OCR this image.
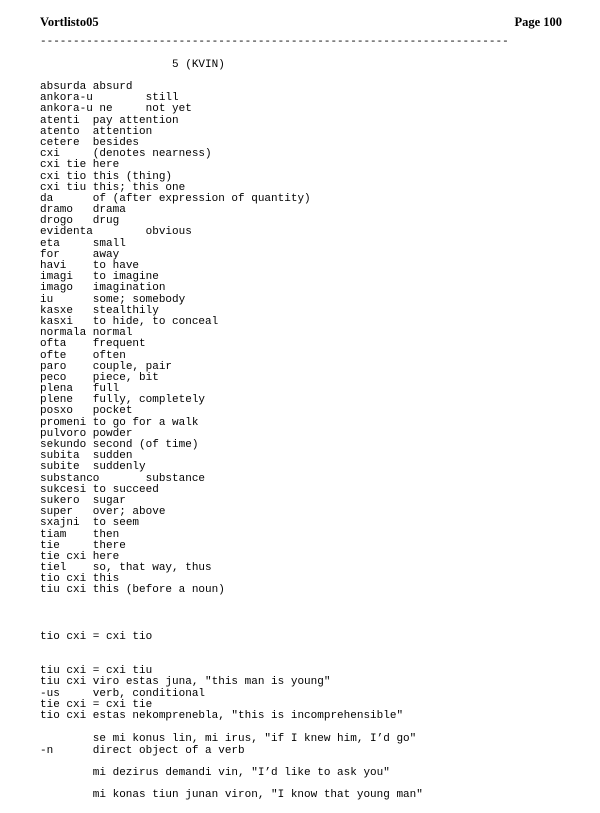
Vortlisto05	Page 100
-----------------------------------------------------------------------
5 (KVIN)
absurda absurd
ankora-u        still
ankora-u ne     not yet
atenti  pay attention
atento  attention
cetere  besides
cxi     (denotes nearness)
cxi tie here
cxi tio this (thing)
cxi tiu this; this one
da      of (after expression of quantity)
dramo   drama
drogo   drug
evidenta        obvious
eta     small
for     away
havi    to have
imagi   to imagine
imago   imagination
iu      some; somebody
kasxe   stealthily
kasxi   to hide, to conceal
normala normal
ofta    frequent
ofte    often
paro    couple, pair
peco    piece, bit
plena   full
plene   fully, completely
posxo   pocket
promeni to go for a walk
pulvoro powder
sekundo second (of time)
subita  sudden
subite  suddenly
substanco       substance
sukcesi to succeed
sukero  sugar
super   over; above
sxajni  to seem
tiam    then
tie     there
tie cxi here
tiel    so, that way, thus
tio cxi this
tiu cxi this (before a noun)

tio cxi = cxi tio

tiu cxi = cxi tiu

tie cxi = cxi tie

tiu cxi viro estas juna, "this man is young"

tio cxi estas nekomprenebla, "this is incomprehensible"

-us	verb, conditional

se mi konus lin, mi irus, "if I knew him, I’d go"

mi dezirus demandi vin, "I’d like to ask you"

-n	direct object of a verb

mi konas tiun junan viron, "I know that young man"
